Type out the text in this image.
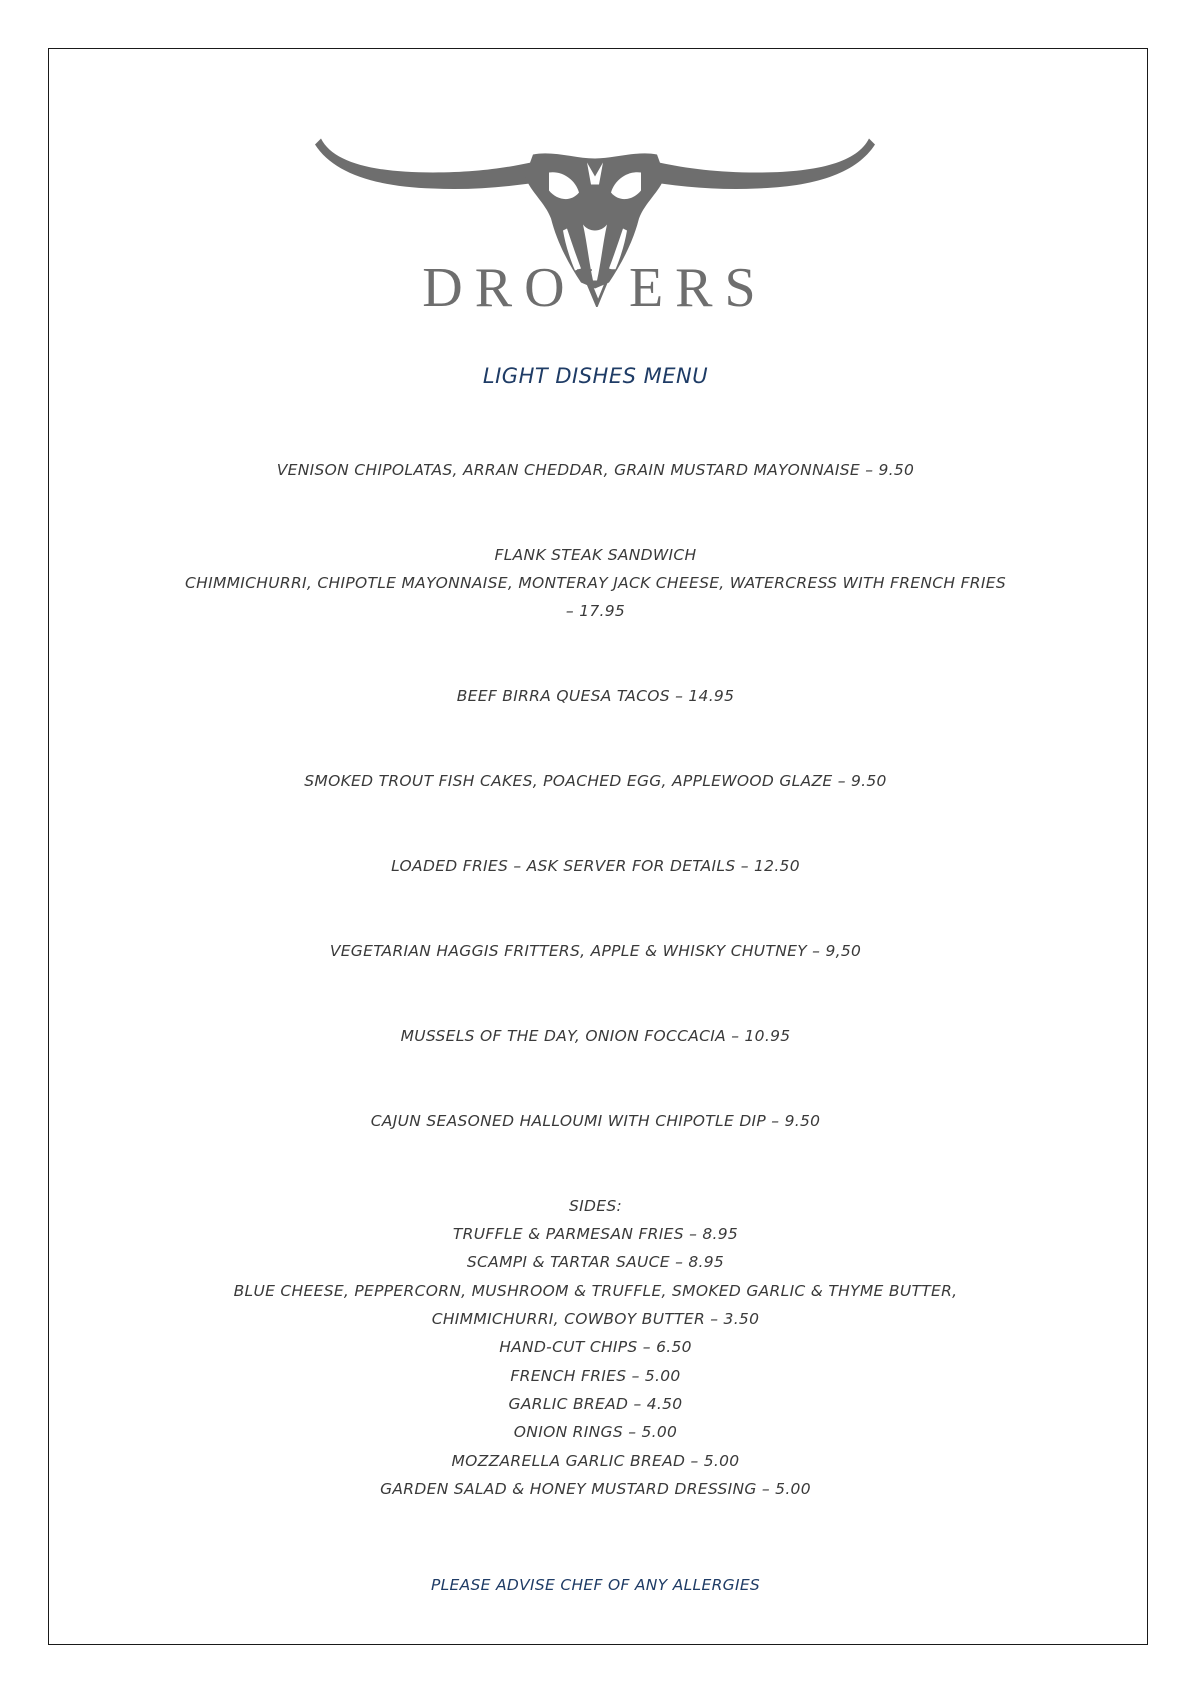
DROVERS
LIGHT DISHES MENU
VENISON CHIPOLATAS, ARRAN CHEDDAR, GRAIN MUSTARD MAYONNAISE – 9.50
FLANK STEAK SANDWICH
CHIMMICHURRI, CHIPOTLE MAYONNAISE, MONTERAY JACK CHEESE, WATERCRESS WITH FRENCH FRIES
– 17.95
BEEF BIRRA QUESA TACOS – 14.95
SMOKED TROUT FISH CAKES, POACHED EGG, APPLEWOOD GLAZE – 9.50
LOADED FRIES – ASK SERVER FOR DETAILS – 12.50
VEGETARIAN HAGGIS FRITTERS, APPLE & WHISKY CHUTNEY – 9,50
MUSSELS OF THE DAY, ONION FOCCACIA – 10.95
CAJUN SEASONED HALLOUMI WITH CHIPOTLE DIP – 9.50
SIDES:
TRUFFLE & PARMESAN FRIES – 8.95
SCAMPI & TARTAR SAUCE – 8.95
BLUE CHEESE, PEPPERCORN, MUSHROOM & TRUFFLE, SMOKED GARLIC & THYME BUTTER,
CHIMMICHURRI, COWBOY BUTTER – 3.50
HAND-CUT CHIPS – 6.50
FRENCH FRIES – 5.00
GARLIC BREAD – 4.50
ONION RINGS – 5.00
MOZZARELLA GARLIC BREAD – 5.00
GARDEN SALAD & HONEY MUSTARD DRESSING – 5.00
PLEASE ADVISE CHEF OF ANY ALLERGIES
